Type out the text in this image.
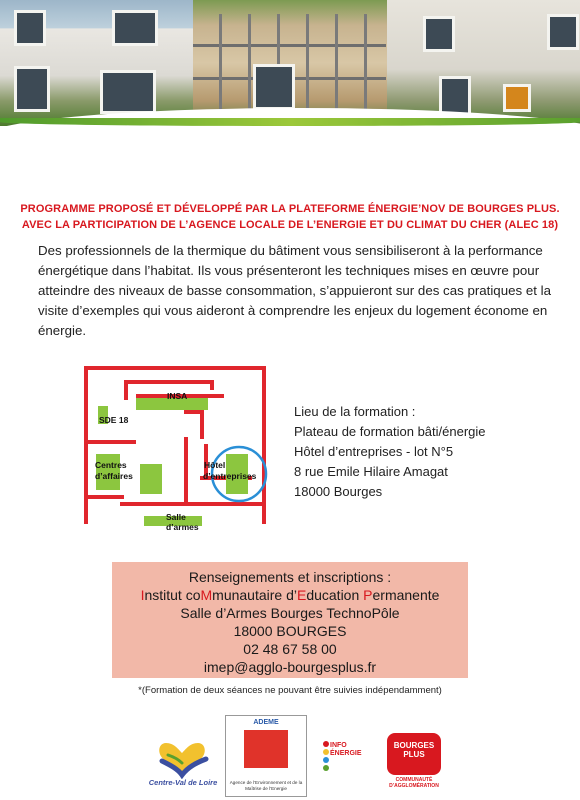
PROGRAMME PROPOSÉ ET DÉVELOPPÉ PAR LA PLATEFORME ÉNERGIE’NOV DE BOURGES PLUS.
AVEC LA PARTICIPATION DE L’AGENCE LOCALE DE L’ENERGIE ET DU CLIMAT DU CHER (ALEC 18)
Des professionnels de la thermique du bâtiment vous sensibiliseront à la performance énergétique dans l’habitat. Ils vous présenteront les techniques mises en œuvre pour atteindre des niveaux de basse consommation, s’appuieront sur des cas pratiques et la visite d’exemples qui vous aideront à comprendre les enjeux du logement économe en énergie.
INSA
SDE 18
Centres
d’affaires
Hôtel
d’entreprises
Salle
d’armes
Lieu de la formation :
Plateau de formation bâti/énergie
Hôtel d’entreprises - lot N°5
8 rue Emile Hilaire Amagat
18000 Bourges
Renseignements et inscriptions :
Institut coMmunautaire d’Education Permanente
Salle d’Armes Bourges TechnoPôle
18000 BOURGES
02 48 67 58 00
imep@agglo-bourgesplus.fr
*(Formation de deux séances ne pouvant être suivies indépendamment)
Centre-Val de Loire
ADEME
Agence de l’Environnement et de la Maîtrise de l’Energie
INFO
ÉNERGIE
BOURGES
PLUS
COMMUNAUTÉ D’AGGLOMÉRATION
